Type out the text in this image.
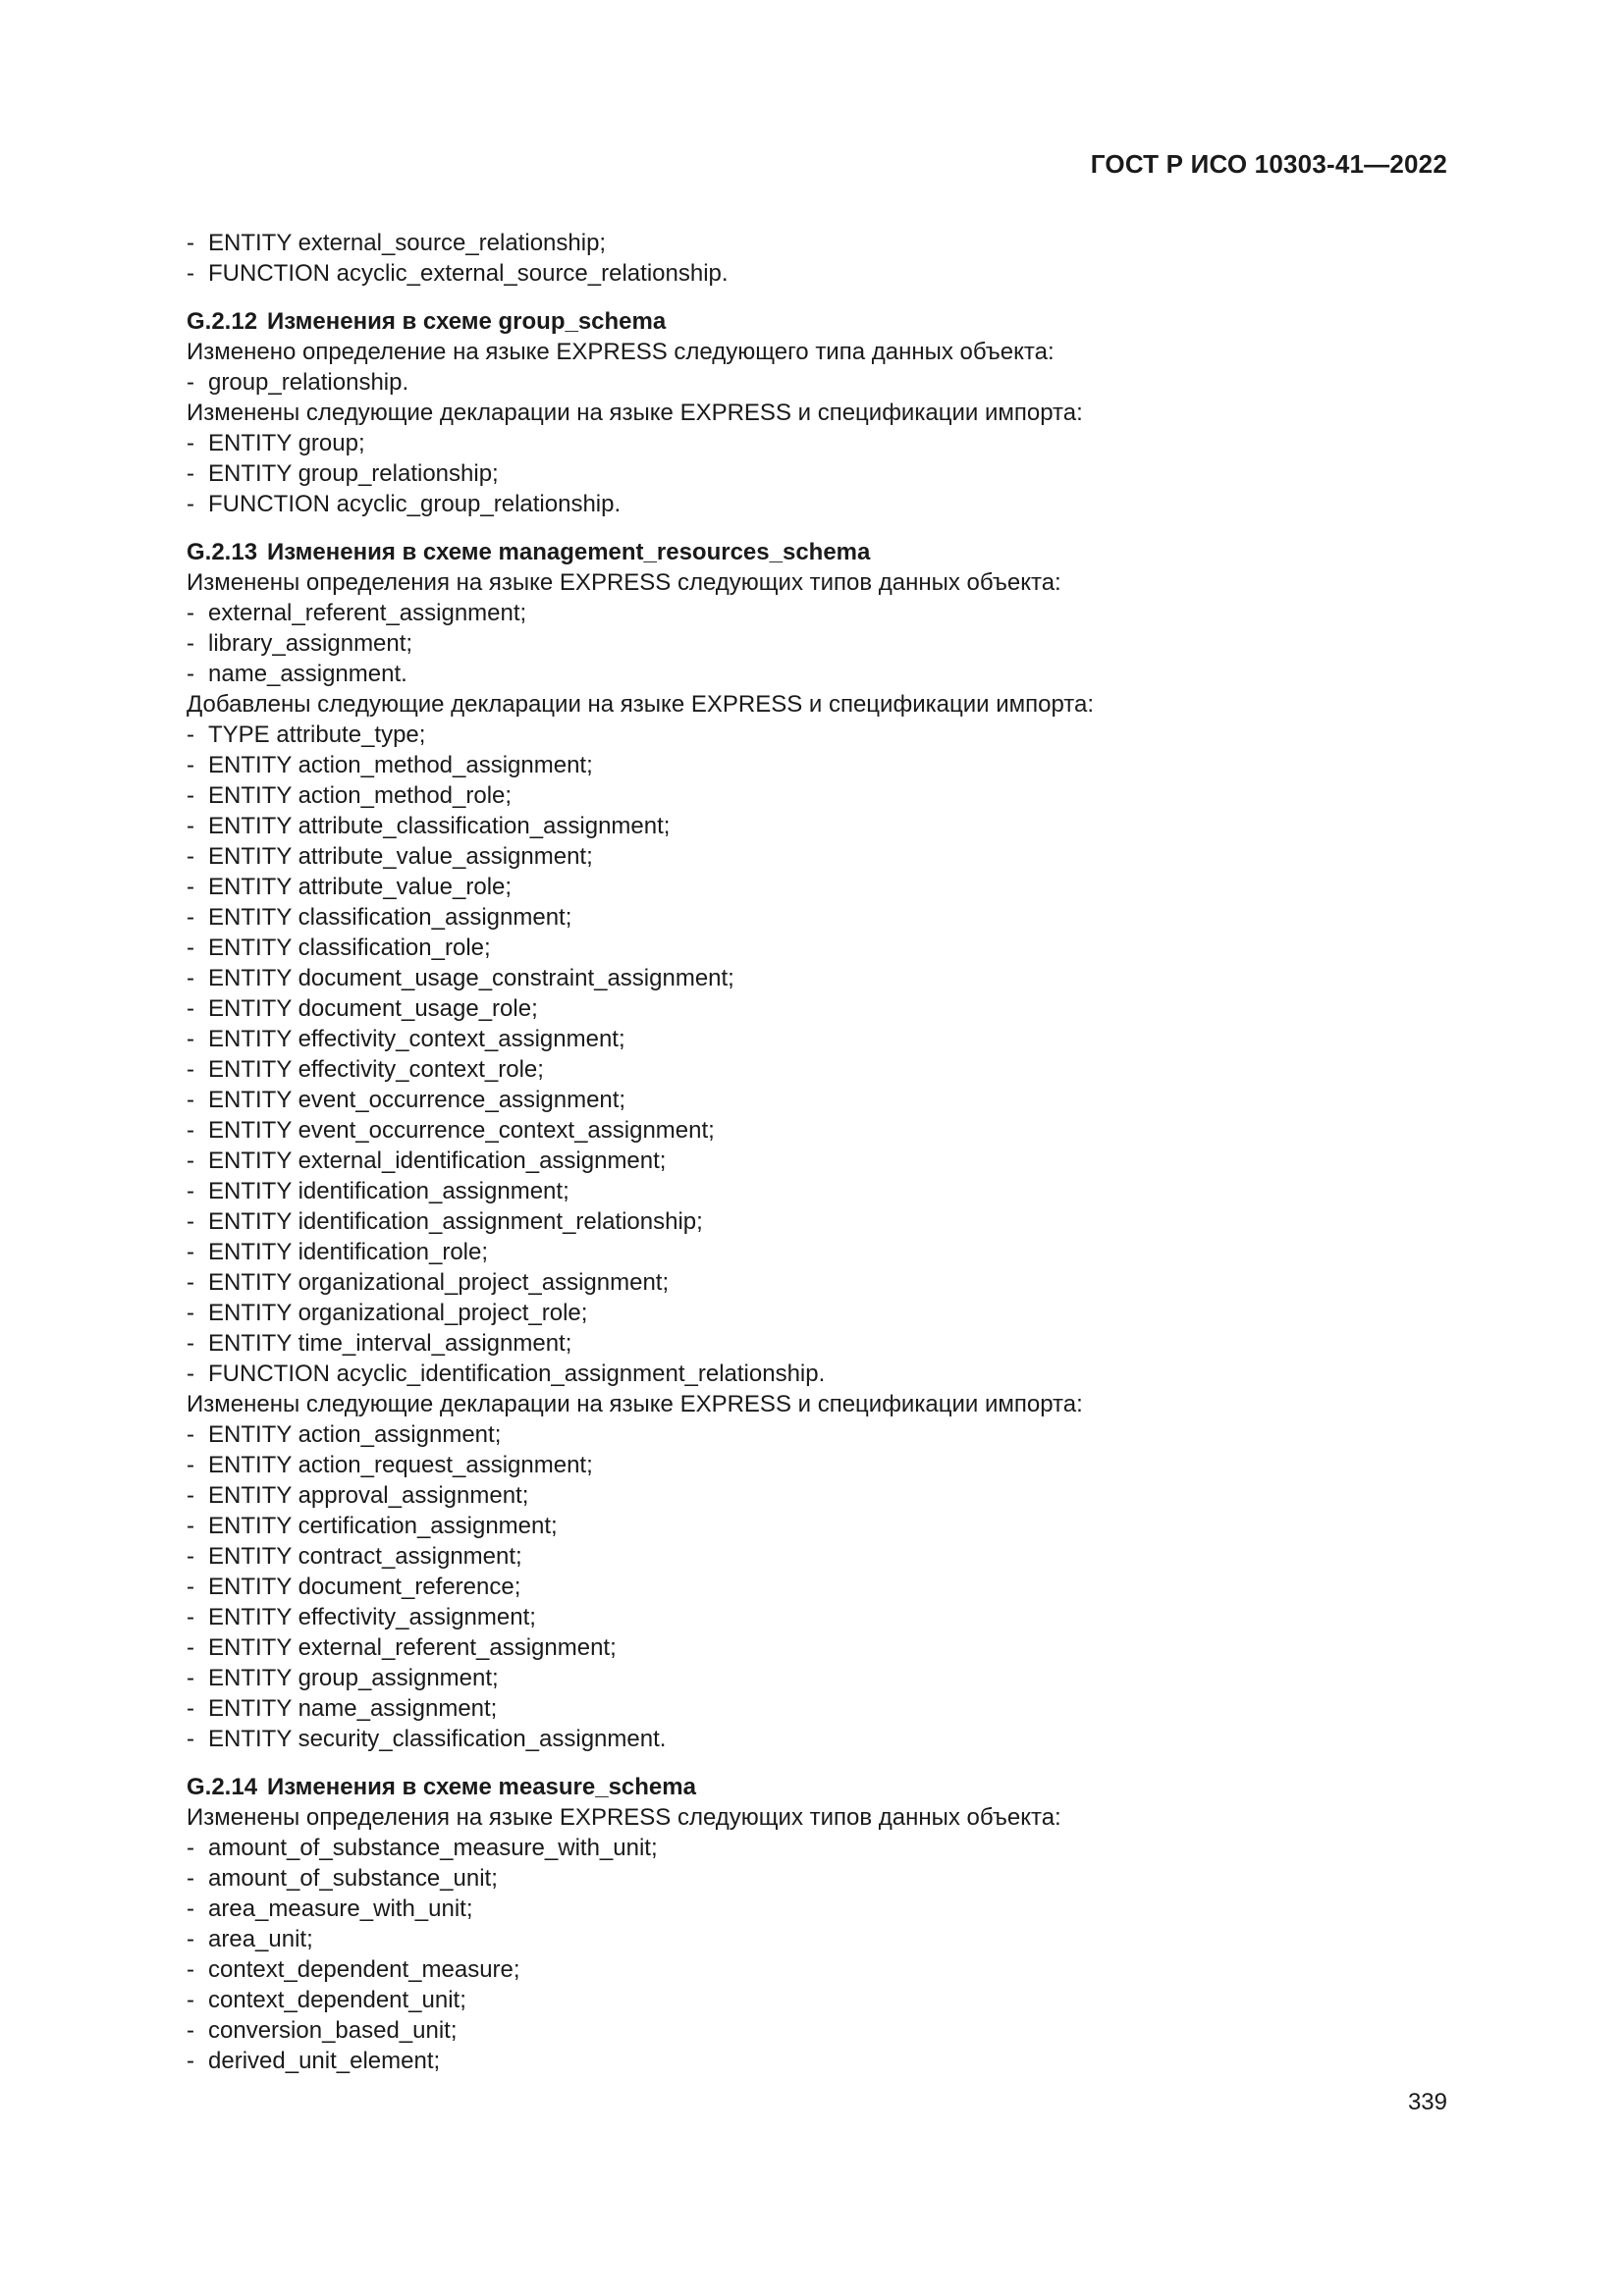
ГОСТ Р ИСО 10303-41—2022
- ENTITY external_source_relationship;
- FUNCTION acyclic_external_source_relationship.
G.2.12 Изменения в схеме group_schema
Изменено определение на языке EXPRESS следующего типа данных объекта:
- group_relationship.
Изменены следующие декларации на языке EXPRESS и спецификации импорта:
- ENTITY group;
- ENTITY group_relationship;
- FUNCTION acyclic_group_relationship.
G.2.13 Изменения в схеме management_resources_schema
Изменены определения на языке EXPRESS следующих типов данных объекта:
- external_referent_assignment;
- library_assignment;
- name_assignment.
Добавлены следующие декларации на языке EXPRESS и спецификации импорта:
- TYPE attribute_type;
- ENTITY action_method_assignment;
- ENTITY action_method_role;
- ENTITY attribute_classification_assignment;
- ENTITY attribute_value_assignment;
- ENTITY attribute_value_role;
- ENTITY classification_assignment;
- ENTITY classification_role;
- ENTITY document_usage_constraint_assignment;
- ENTITY document_usage_role;
- ENTITY effectivity_context_assignment;
- ENTITY effectivity_context_role;
- ENTITY event_occurrence_assignment;
- ENTITY event_occurrence_context_assignment;
- ENTITY external_identification_assignment;
- ENTITY identification_assignment;
- ENTITY identification_assignment_relationship;
- ENTITY identification_role;
- ENTITY organizational_project_assignment;
- ENTITY organizational_project_role;
- ENTITY time_interval_assignment;
- FUNCTION acyclic_identification_assignment_relationship.
Изменены следующие декларации на языке EXPRESS и спецификации импорта:
- ENTITY action_assignment;
- ENTITY action_request_assignment;
- ENTITY approval_assignment;
- ENTITY certification_assignment;
- ENTITY contract_assignment;
- ENTITY document_reference;
- ENTITY effectivity_assignment;
- ENTITY external_referent_assignment;
- ENTITY group_assignment;
- ENTITY name_assignment;
- ENTITY security_classification_assignment.
G.2.14 Изменения в схеме measure_schema
Изменены определения на языке EXPRESS следующих типов данных объекта:
- amount_of_substance_measure_with_unit;
- amount_of_substance_unit;
- area_measure_with_unit;
- area_unit;
- context_dependent_measure;
- context_dependent_unit;
- conversion_based_unit;
- derived_unit_element;
339
